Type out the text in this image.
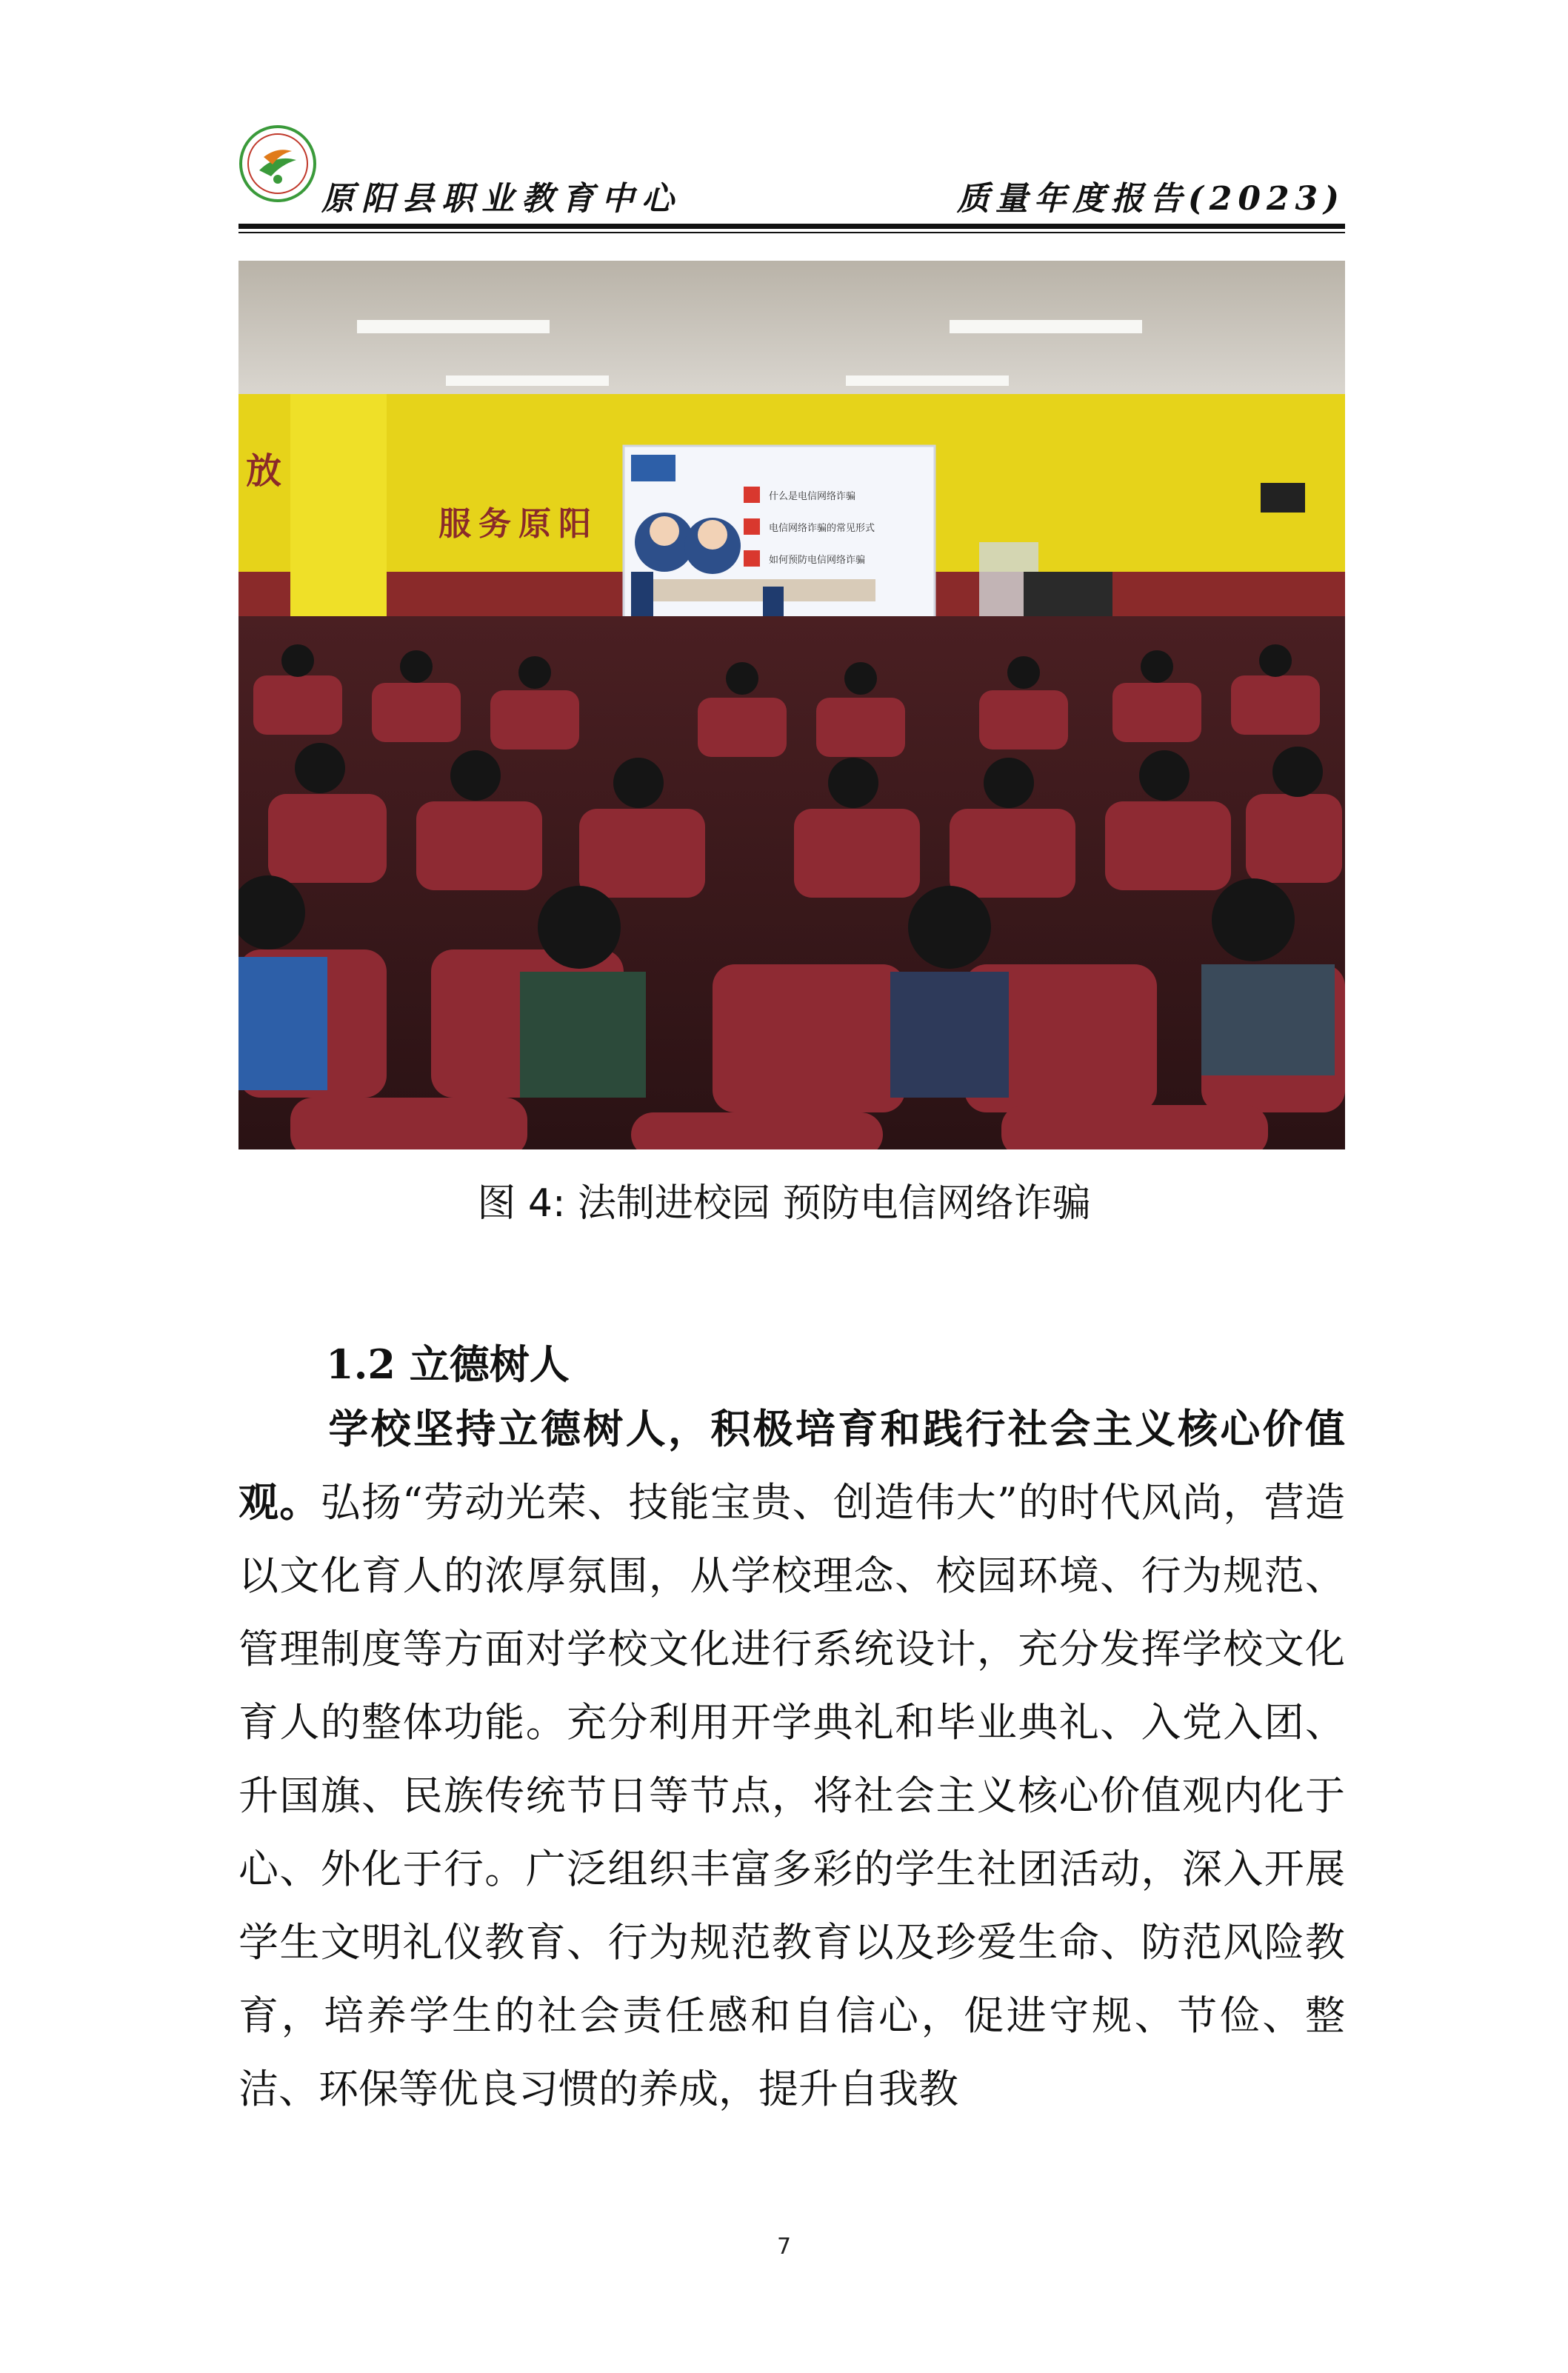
原阳县职业教育中心	质量年度报告(2023)
放
服务原阳
什么是电信网络诈骗
电信网络诈骗的常见形式
如何预防电信网络诈骗
图 4: 法制进校园 预防电信网络诈骗
1.2 立德树人
学校坚持立德树人，积极培育和践行社会主义核心价值观。弘扬“劳动光荣、技能宝贵、创造伟大”的时代风尚，营造以文化育人的浓厚氛围，从学校理念、校园环境、行为规范、管理制度等方面对学校文化进行系统设计，充分发挥学校文化育人的整体功能。充分利用开学典礼和毕业典礼、入党入团、升国旗、民族传统节日等节点，将社会主义核心价值观内化于心、外化于行。广泛组织丰富多彩的学生社团活动，深入开展学生文明礼仪教育、行为规范教育以及珍爱生命、防范风险教育，培养学生的社会责任感和自信心，促进守规、节俭、整洁、环保等优良习惯的养成，提升自我教
7
